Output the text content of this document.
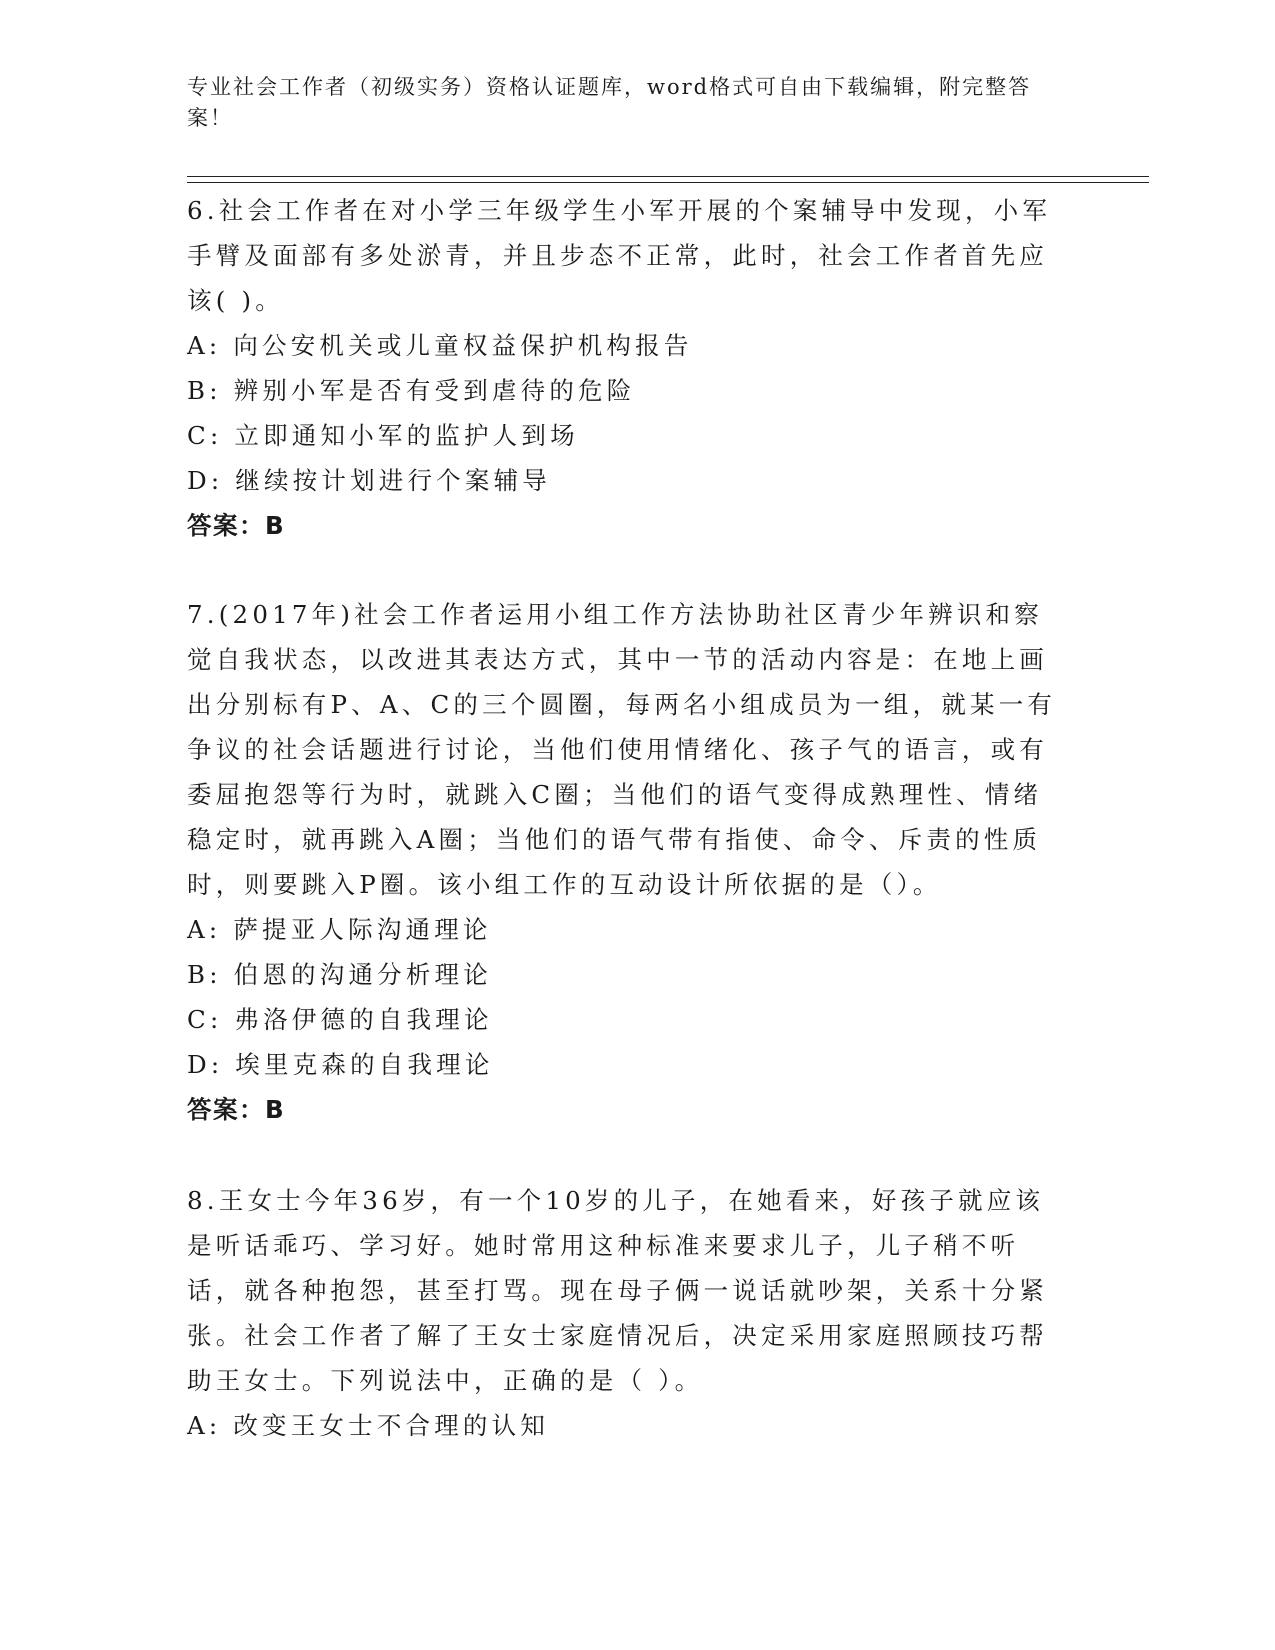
专业社会工作者（初级实务）资格认证题库，word格式可自由下载编辑，附完整答案！

6.社会工作者在对小学三年级学生小军开展的个案辅导中发现，小军手臂及面部有多处淤青，并且步态不正常，此时，社会工作者首先应该( )。

A: 向公安机关或儿童权益保护机构报告
B: 辨别小军是否有受到虐待的危险
C: 立即通知小军的监护人到场
D: 继续按计划进行个案辅导
答案：B

7.(2017年)社会工作者运用小组工作方法协助社区青少年辨识和察觉自我状态，以改进其表达方式，其中一节的活动内容是：在地上画出分别标有P、A、C的三个圆圈，每两名小组成员为一组，就某一有争议的社会话题进行讨论，当他们使用情绪化、孩子气的语言，或有委屈抱怨等行为时，就跳入C圈；当他们的语气变得成熟理性、情绪稳定时，就再跳入A圈；当他们的语气带有指使、命令、斥责的性质时，则要跳入P圈。该小组工作的互动设计所依据的是（）。

A: 萨提亚人际沟通理论
B: 伯恩的沟通分析理论
C: 弗洛伊德的自我理论
D: 埃里克森的自我理论
答案：B

8.王女士今年36岁，有一个10岁的儿子，在她看来，好孩子就应该是听话乖巧、学习好。她时常用这种标准来要求儿子，儿子稍不听话，就各种抱怨，甚至打骂。现在母子俩一说话就吵架，关系十分紧张。社会工作者了解了王女士家庭情况后，决定采用家庭照顾技巧帮助王女士。下列说法中，正确的是（ ）。

A: 改变王女士不合理的认知
